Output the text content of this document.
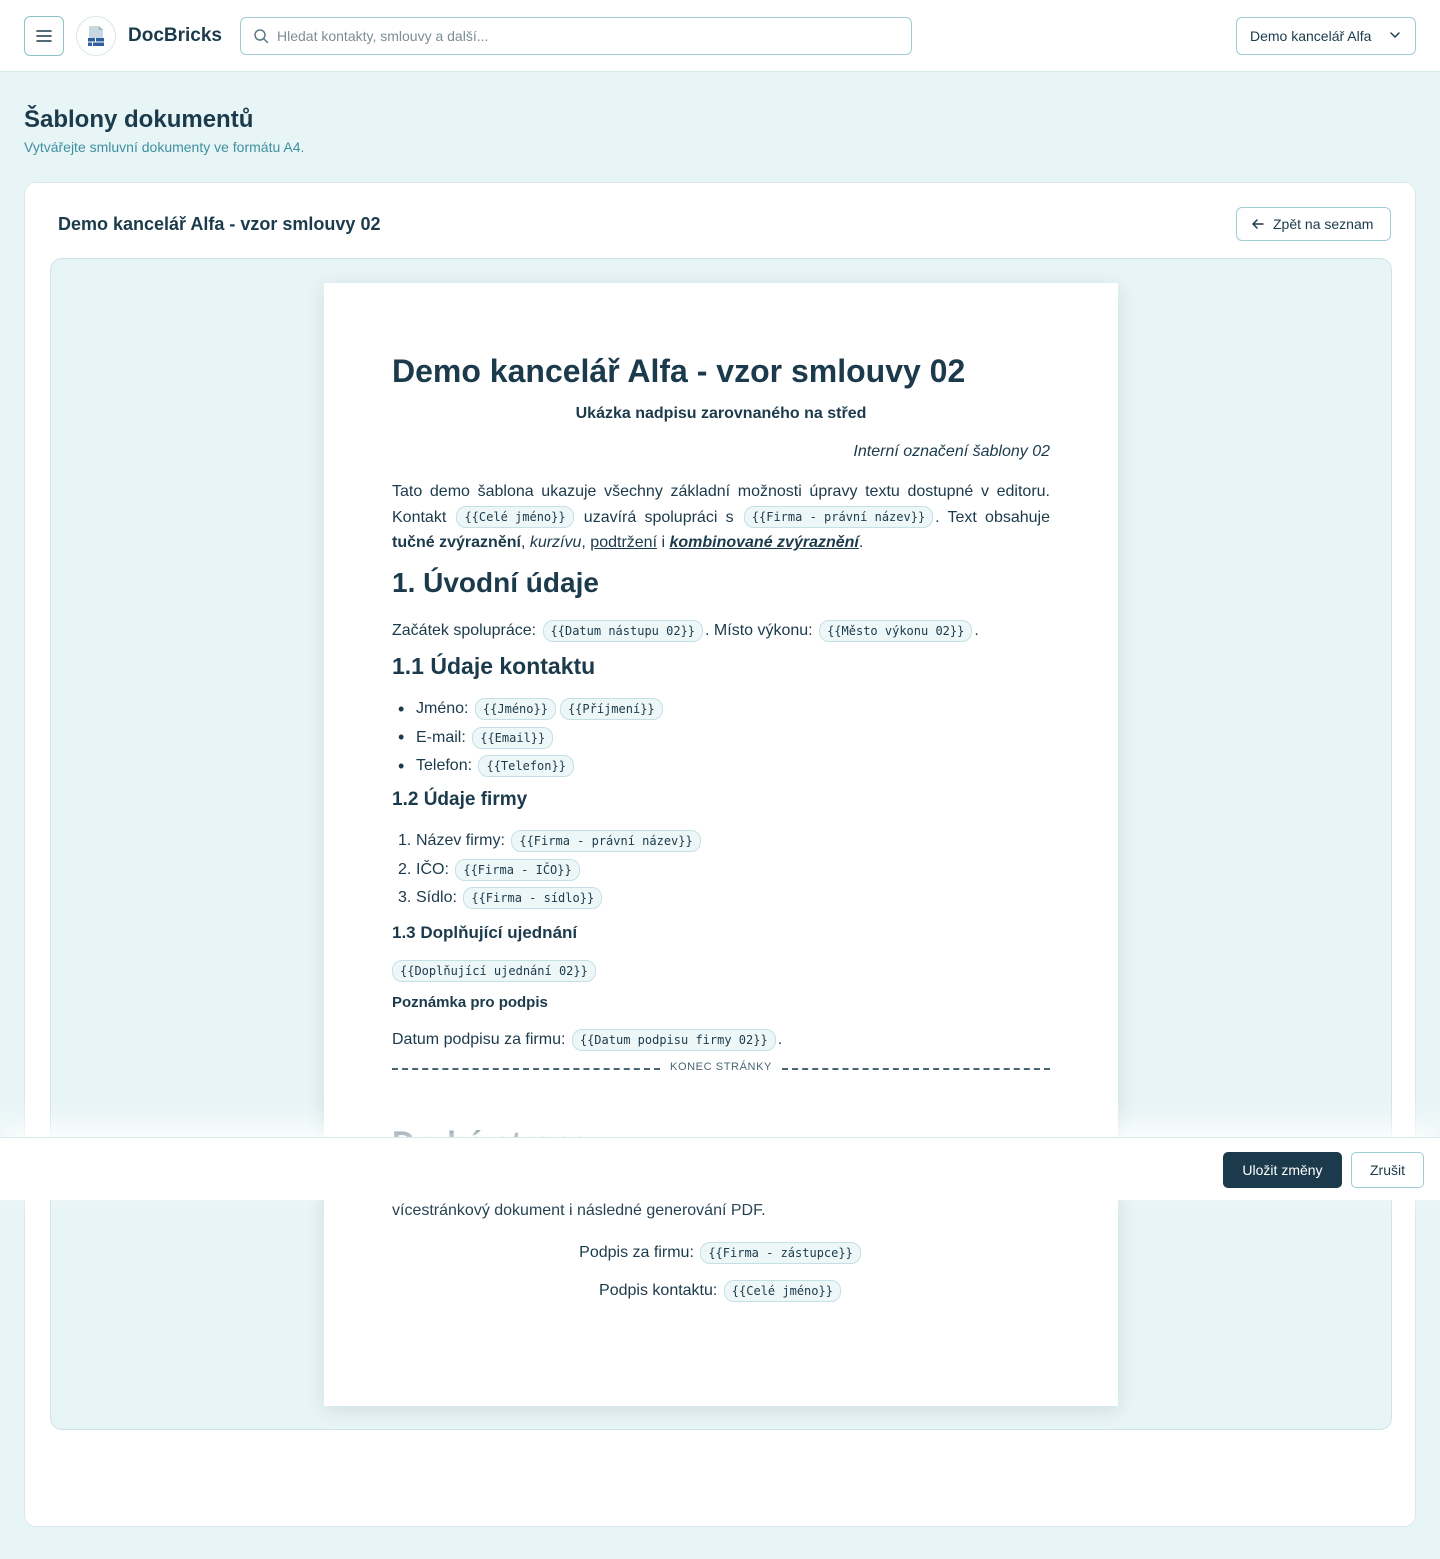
DocBricks
Hledat kontakty, smlouvy a další...	Demo kancelář Alfa
Šablony dokumentů
Vytvářejte smluvní dokumenty ve formátu A4.
Demo kancelář Alfa - vzor smlouvy 02	Zpět na seznam
Demo kancelář Alfa - vzor smlouvy 02
Ukázka nadpisu zarovnaného na střed
Interní označení šablony 02
Tato demo šablona ukazuje všechny základní možnosti úpravy textu dostupné v editoru. Kontakt {{Celé jméno}} uzavírá spolupráci s {{Firma - právní název}} . Text obsahuje tučné zvýraznění, kurzívu, podtržení i kombinované zvýraznění.
1. Úvodní údaje
Začátek spolupráce: {{Datum nástupu 02}} . Místo výkonu: {{Město výkonu 02}} .
1.1 Údaje kontaktu
• Jméno: {{Jméno}}	{{Příjmení}}
• E-mail: {{Email}}
• Telefon: {{Telefon}}
1.2 Údaje firmy
1. Název firmy: {{Firma - právní název}}
2. IČO: {{Firma - IČO}}
3. Sídlo: {{Firma - sídlo}}
1.3 Doplňující ujednání
{{Doplňující ujednání 02}}
Poznámka pro podpis
Datum podpisu za firmu: {{Datum podpisu firmy 02}} .
KONEC STRÁNKY
vícestránkový dokument i následné generování PDF.
Podpis za firmu: {{Firma - zástupce}}
Podpis kontaktu: {{Celé jméno}}
Uložit změny	Zrušit
